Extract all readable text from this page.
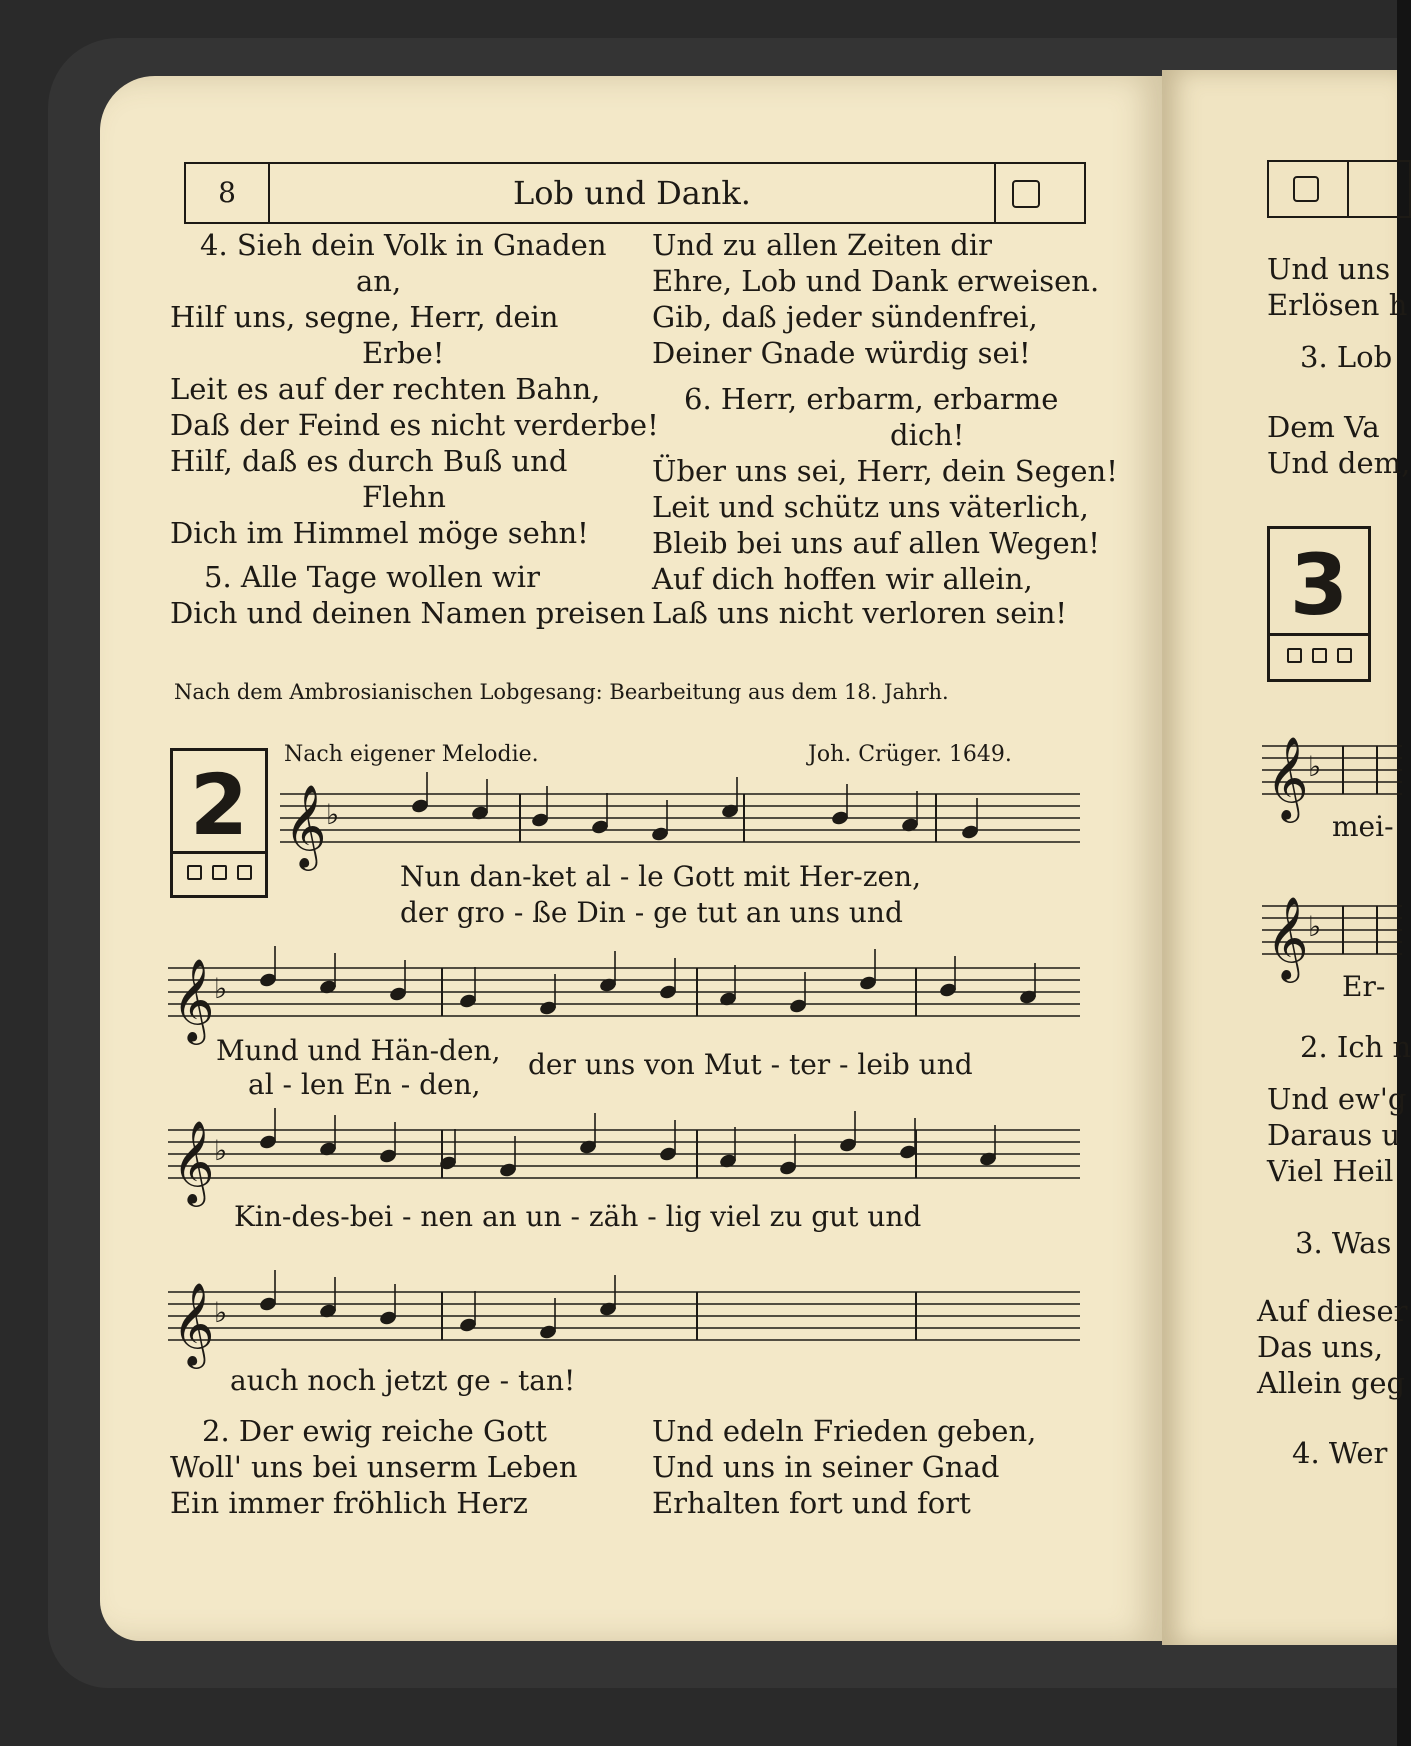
8	Lob und Dank.
4. Sieh dein Volk in Gnaden
an,
Hilf uns, segne, Herr, dein
Erbe!
Leit es auf der rechten Bahn,
Daß der Feind es nicht verderbe!
Hilf, daß es durch Buß und
Flehn
Dich im Himmel möge sehn!
5. Alle Tage wollen wir
Dich und deinen Namen preisen
Und zu allen Zeiten dir
Ehre, Lob und Dank erweisen.
Gib, daß jeder sündenfrei,
Deiner Gnade würdig sei!
6. Herr, erbarm, erbarme
dich!
Über uns sei, Herr, dein Segen!
Leit und schütz uns väterlich,
Bleib bei uns auf allen Wegen!
Auf dich hoffen wir allein,
Laß uns nicht verloren sein!
Nach dem Ambrosianischen Lobgesang: Bearbeitung aus dem 18. Jahrh.
2
Nach eigener Melodie.	Joh. Crüger. 1649.
𝄞 ♭
Nun dan-ket al - le Gott mit Her-zen,
der gro - ße Din - ge tut an uns und
𝄞 ♭
Mund und Hän-den,
al - len En - den,
der uns von Mut - ter - leib und
𝄞 ♭
Kin-des-bei - nen an un - zäh - lig viel zu gut und
𝄞 ♭
auch noch jetzt ge - tan!
2. Der ewig reiche Gott
Woll' uns bei unserm Leben
Ein immer fröhlich Herz
Und edeln Frieden geben,
Und uns in seiner Gnad
Erhalten fort und fort
Und uns
Erlösen h
3. Lob
Dem Va
Und dem,
3
𝄞 ♭
mei-
𝄞 ♭
Er-
2. Ich n
Und ew'g
Daraus u
Viel Heil
3. Was
Auf dieser
Das uns,
Allein geg
4. Wer
